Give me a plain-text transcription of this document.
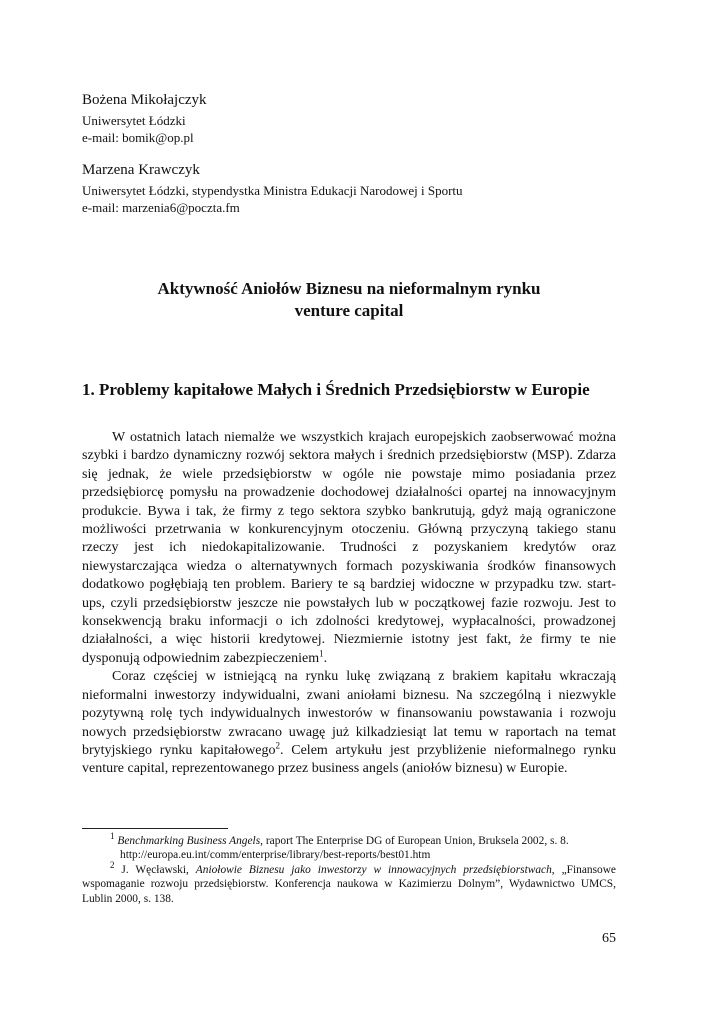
Bożena Mikołajczyk
Uniwersytet Łódzki
e-mail: bomik@op.pl
Marzena Krawczyk
Uniwersytet Łódzki, stypendystka Ministra Edukacji Narodowej i Sportu
e-mail: marzenia6@poczta.fm
Aktywność Aniołów Biznesu na nieformalnym rynku
venture capital
1. Problemy kapitałowe Małych i Średnich Przedsiębiorstw w Europie

W ostatnich latach niemalże we wszystkich krajach europejskich zaobserwować można szybki i bardzo dynamiczny rozwój sektora małych i średnich przedsiębiorstw (MSP). Zdarza się jednak, że wiele przedsiębiorstw w ogóle nie powstaje mimo posiadania przez przedsiębiorcę pomysłu na prowadzenie dochodowej działalności opartej na innowacyjnym produkcie. Bywa i tak, że firmy z tego sektora szybko bankrutują, gdyż mają ograniczone możliwości przetrwania w konkurencyjnym otoczeniu. Główną przyczyną takiego stanu rzeczy jest ich niedokapitalizowanie. Trudności z pozyskaniem kredytów oraz niewystarczająca wiedza o alternatywnych formach pozyskiwania środków finansowych dodatkowo pogłębiają ten problem. Bariery te są bardziej widoczne w przypadku tzw. start-ups, czyli przedsiębiorstw jeszcze nie powstałych lub w początkowej fazie rozwoju. Jest to konsekwencją braku informacji o ich zdolności kredytowej, wypłacalności, prowadzonej działalności, a więc historii kredytowej. Niezmiernie istotny jest fakt, że firmy te nie dysponują odpowiednim zabezpieczeniem$^1$.

Coraz częściej w istniejącą na rynku lukę związaną z brakiem kapitału wkraczają nieformalni inwestorzy indywidualni, zwani aniołami biznesu. Na szczególną i niezwykle pozytywną rolę tych indywidualnych inwestorów w finansowaniu powstawania i rozwoju nowych przedsiębiorstw zwracano uwagę już kilkadziesiąt lat temu w raportach na temat brytyjskiego rynku kapitałowego$^2$. Celem artykułu jest przybliżenie nieformalnego rynku venture capital, reprezentowanego przez business angels (aniołów biznesu) w Europie.

$^1$ Benchmarking Business Angels, raport The Enterprise DG of European Union, Bruksela 2002, s. 8.
http://europa.eu.int/comm/enterprise/library/best-reports/best01.htm
$^2$ J. Węcławski, Aniołowie Biznesu jako inwestorzy w innowacyjnych przedsiębiorstwach, „Finansowe wspomaganie rozwoju przedsiębiorstw. Konferencja naukowa w Kazimierzu Dolnym”, Wydawnictwo UMCS, Lublin 2000, s. 138.
65
